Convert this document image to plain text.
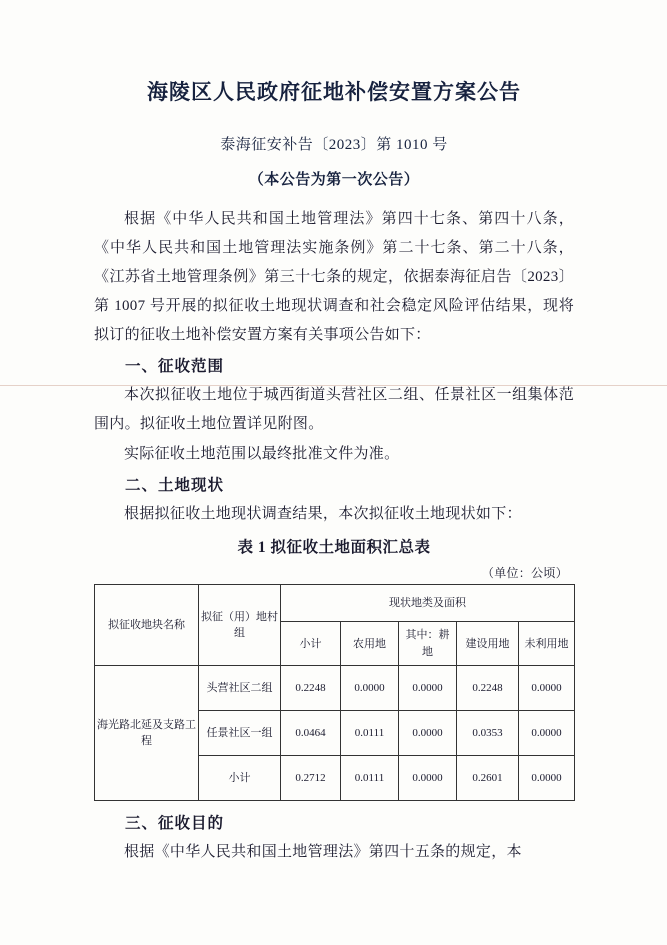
海陵区人民政府征地补偿安置方案公告
泰海征安补告〔2023〕第 1010 号
（本公告为第一次公告）

根据《中华人民共和国土地管理法》第四十七条、第四十八条，《中华人民共和国土地管理法实施条例》第二十七条、第二十八条，《江苏省土地管理条例》第三十七条的规定，依据泰海征启告〔2023〕第 1007 号开展的拟征收土地现状调查和社会稳定风险评估结果，现将拟订的征收土地补偿安置方案有关事项公告如下：

一、征收范围

本次拟征收土地位于城西街道头营社区二组、任景社区一组集体范围内。拟征收土地位置详见附图。

实际征收土地范围以最终批准文件为准。

二、土地现状

根据拟征收土地现状调查结果，本次拟征收土地现状如下：

表 1 拟征收土地面积汇总表
（单位：公顷）
拟征收地块名称	拟征（用）地村组	现状地类及面积				
		小计	农用地	其中：耕地	建设用地	未利用地
海光路北延及支路工程	头营社区二组	0.2248	0.0000	0.0000	0.2248	0.0000
	任景社区一组	0.0464	0.0111	0.0000	0.0353	0.0000
	小计	0.2712	0.0111	0.0000	0.2601	0.0000
三、征收目的

根据《中华人民共和国土地管理法》第四十五条的规定，本
